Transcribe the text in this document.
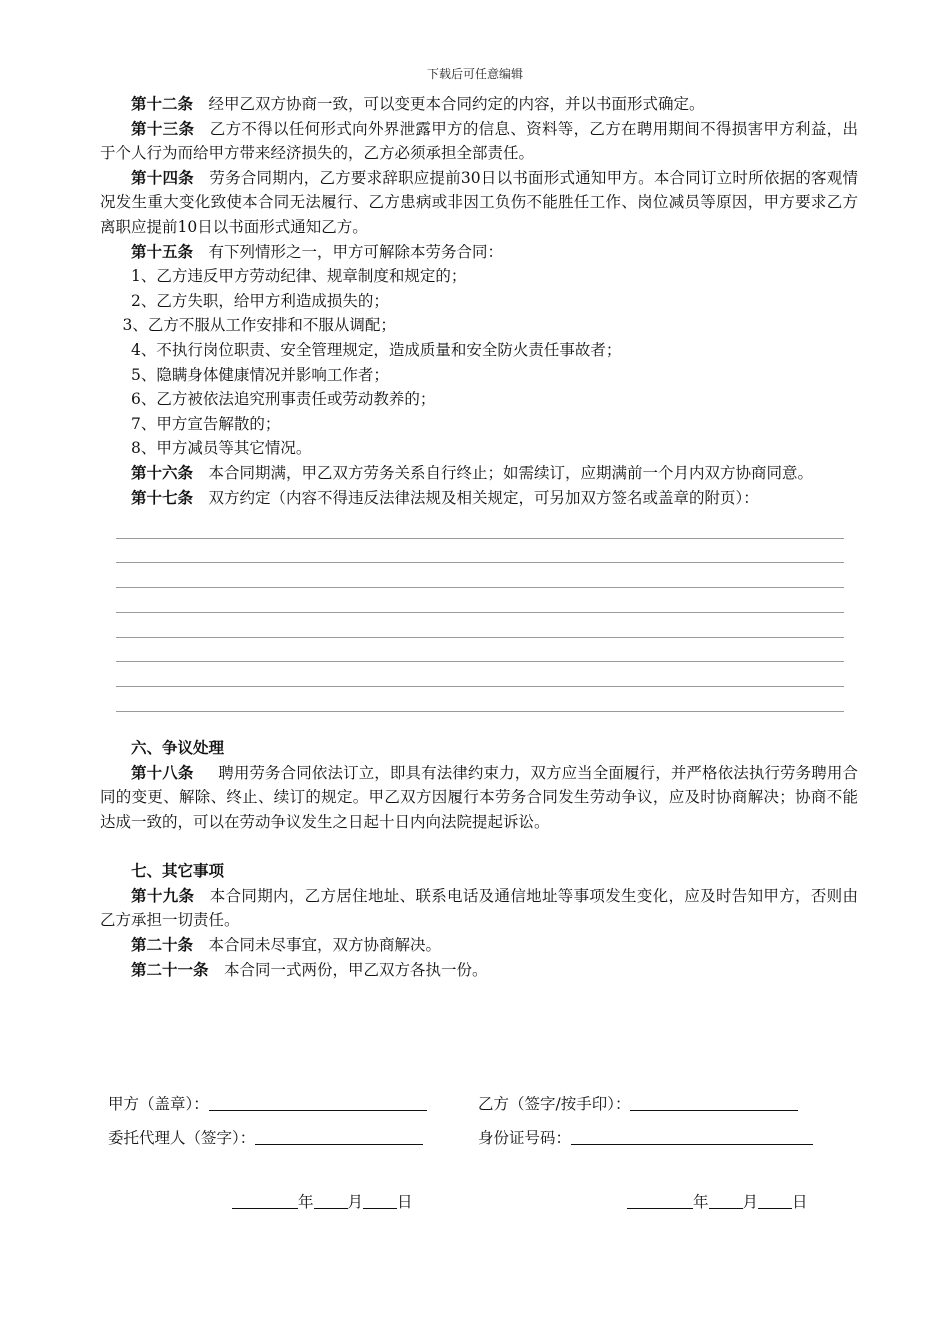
下载后可任意编辑

第十二条 经甲乙双方协商一致，可以变更本合同约定的内容，并以书面形式确定。

第十三条 乙方不得以任何形式向外界泄露甲方的信息、资料等，乙方在聘用期间不得损害甲方利益，出于个人行为而给甲方带来经济损失的，乙方必须承担全部责任。

第十四条 劳务合同期内，乙方要求辞职应提前30日以书面形式通知甲方。本合同订立时所依据的客观情况发生重大变化致使本合同无法履行、乙方患病或非因工负伤不能胜任工作、岗位减员等原因，甲方要求乙方离职应提前10日以书面形式通知乙方。

第十五条 有下列情形之一，甲方可解除本劳务合同：

1、乙方违反甲方劳动纪律、规章制度和规定的；

2、乙方失职，给甲方利造成损失的；

3、乙方不服从工作安排和不服从调配；

4、不执行岗位职责、安全管理规定，造成质量和安全防火责任事故者；

5、隐瞒身体健康情况并影响工作者；

6、乙方被依法追究刑事责任或劳动教养的；

7、甲方宣告解散的；

8、甲方减员等其它情况。

第十六条 本合同期满，甲乙双方劳务关系自行终止；如需续订，应期满前一个月内双方协商同意。

第十七条 双方约定（内容不得违反法律法规及相关规定，可另加双方签名或盖章的附页）：

六、争议处理

第十八条 聘用劳务合同依法订立，即具有法律约束力，双方应当全面履行，并严格依法执行劳务聘用合同的变更、解除、终止、续订的规定。甲乙双方因履行本劳务合同发生劳动争议，应及时协商解决；协商不能达成一致的，可以在劳动争议发生之日起十日内向法院提起诉讼。

七、其它事项

第十九条 本合同期内，乙方居住地址、联系电话及通信地址等事项发生变化，应及时告知甲方，否则由乙方承担一切责任。

第二十条 本合同未尽事宜，双方协商解决。

第二十一条 本合同一式两份，甲乙双方各执一份。

甲方（盖章）：	乙方（签字/按手印）：
委托代理人（签字）：	身份证号码：
年 月 日	年 月 日
